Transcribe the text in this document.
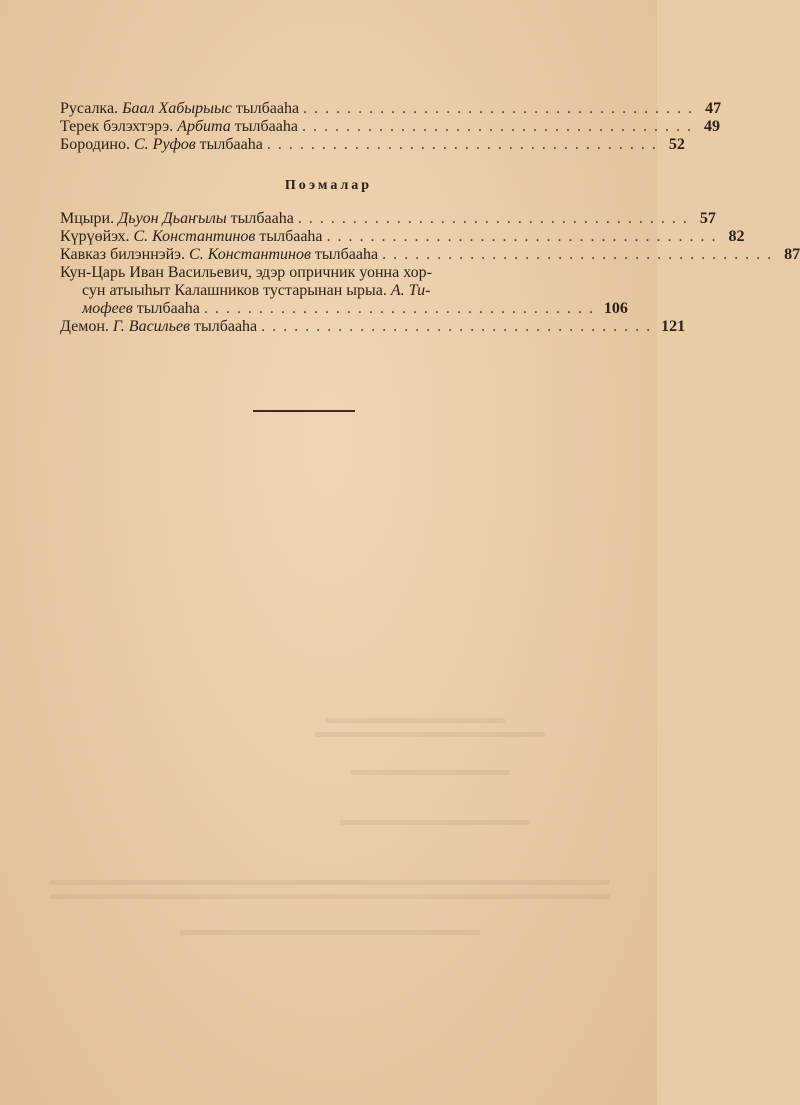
Русалка. Баал Хабырыыс тылбааһа .................................... 47
Терек бэлэхтэрэ. Арбита тылбааһа .................................... 49
Бородино. С. Руфов тылбааһа .................................... 52
Поэмалар
Мцыри. Дьуон Дьаҥылы тылбааһа .................................... 57
Күрүөйэх. С. Константинов тылбааһа .................................... 82
Кавказ билэннэйэ. С. Константинов тылбааһа .................................... 87
Кун-Царь Иван Васильевич, эдэр опричник уонна хор-
сун атыыһыт Калашников тустарынан ырыа. А. Ти-
мофеев тылбааһа .................................... 106
Демон. Г. Васильев тылбааһа .................................... 121
